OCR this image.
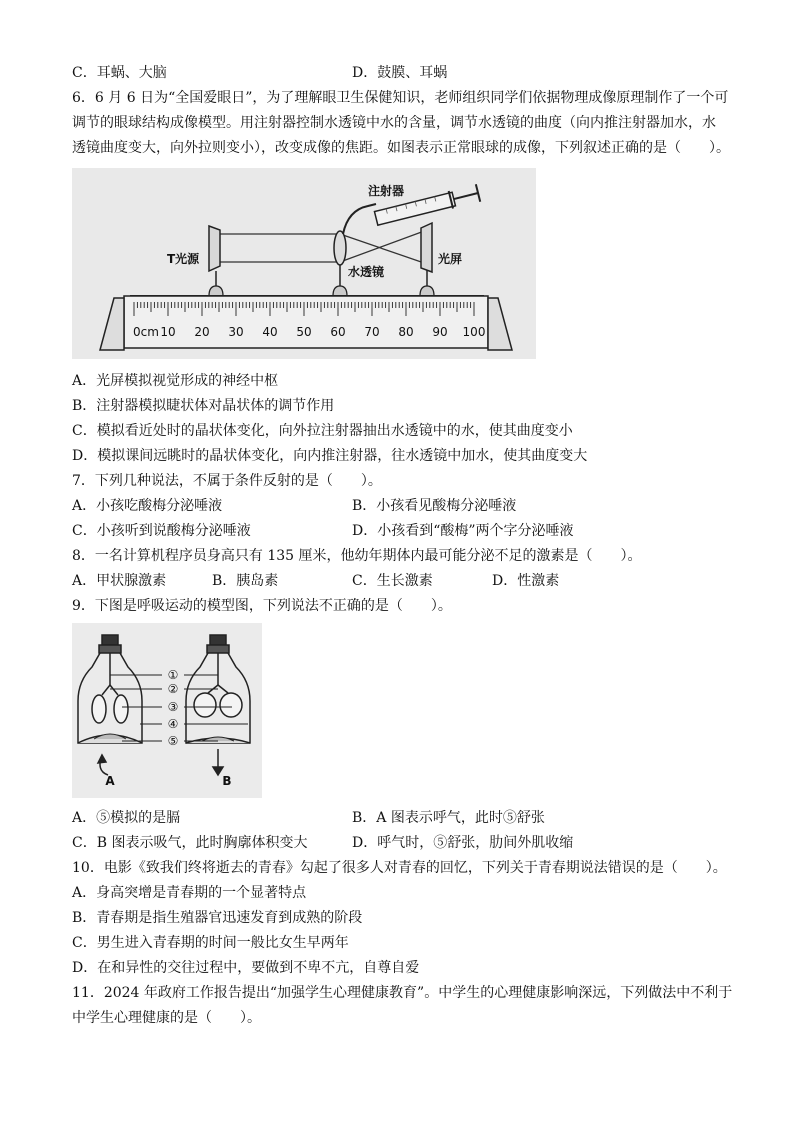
C．耳蜗、大脑	D．鼓膜、耳蜗
6．6 月 6 日为“全国爱眼日”，为了理解眼卫生保健知识，老师组织同学们依据物理成像原理制作了一个可
调节的眼球结构成像模型。用注射器控制水透镜中水的含量，调节水透镜的曲度（向内推注射器加水，水
透镜曲度变大，向外拉则变小），改变成像的焦距。如图表示正常眼球的成像，下列叙述正确的是（　　）。
T光源
水透镜
注射器
光屏
0cm 10 20 30 40 50 60 70 80 90 100
A．光屏模拟视觉形成的神经中枢
B．注射器模拟睫状体对晶状体的调节作用
C．模拟看近处时的晶状体变化，向外拉注射器抽出水透镜中的水，使其曲度变小
D．模拟课间远眺时的晶状体变化，向内推注射器，往水透镜中加水，使其曲度变大
7．下列几种说法，不属于条件反射的是（　　）。
A．小孩吃酸梅分泌唾液	B．小孩看见酸梅分泌唾液
C．小孩听到说酸梅分泌唾液	D．小孩看到“酸梅”两个字分泌唾液
8．一名计算机程序员身高只有 135 厘米，他幼年期体内最可能分泌不足的激素是（　　）。
A．甲状腺激素	B．胰岛素	C．生长激素	D．性激素
9．下图是呼吸运动的模型图，下列说法不正确的是（　　）。
①
②
③
④
⑤
A	B
A．⑤模拟的是膈	B．A 图表示呼气，此时⑤舒张
C．B 图表示吸气，此时胸廓体积变大	D．呼气时，⑤舒张，肋间外肌收缩
10．电影《致我们终将逝去的青春》勾起了很多人对青春的回忆，下列关于青春期说法错误的是（　　）。
A．身高突增是青春期的一个显著特点
B．青春期是指生殖器官迅速发育到成熟的阶段
C．男生进入青春期的时间一般比女生早两年
D．在和异性的交往过程中，要做到不卑不亢，自尊自爱
11．2024 年政府工作报告提出“加强学生心理健康教育”。中学生的心理健康影响深远，下列做法中不利于
中学生心理健康的是（　　）。
